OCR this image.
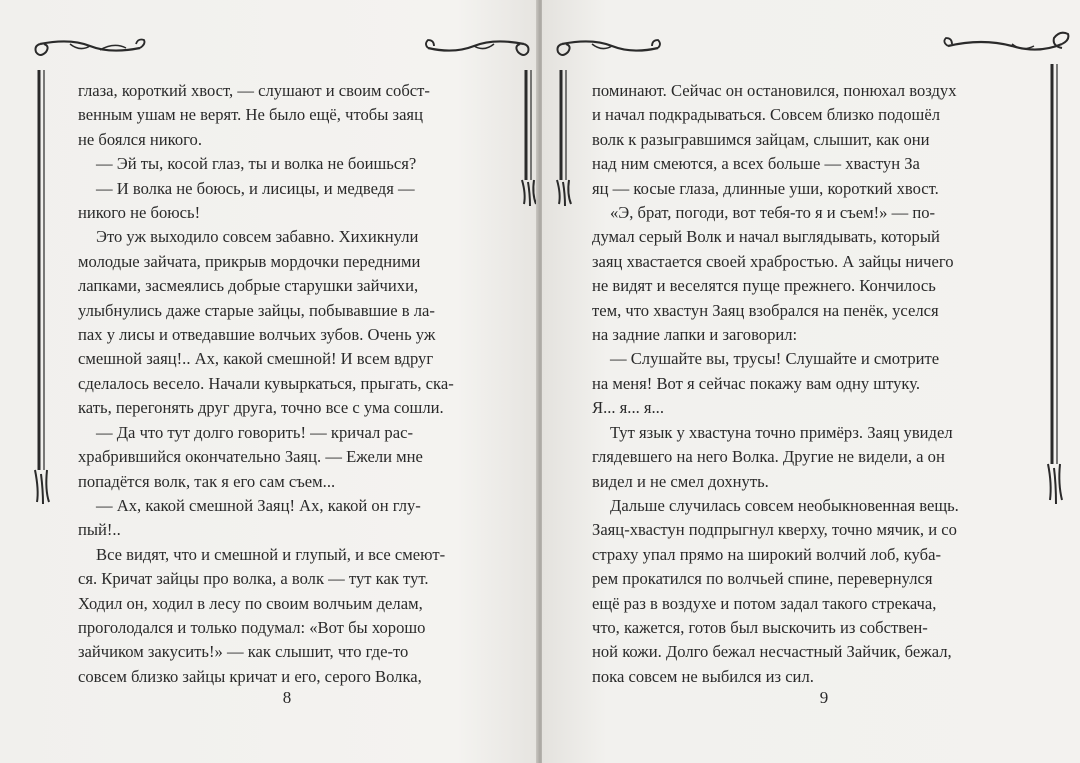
глаза, короткий хвост, — слушают и своим собст-

венным ушам не верят. Не было ещё, чтобы заяц

не боялся никого.

— Эй ты, косой глаз, ты и волка не боишься?

— И волка не боюсь, и лисицы, и медведя —

никого не боюсь!

Это уж выходило совсем забавно. Хихикнули

молодые зайчата, прикрыв мордочки передними

лапками, засмеялись добрые старушки зайчихи,

улыбнулись даже старые зайцы, побывавшие в ла-

пах у лисы и отведавшие волчьих зубов. Очень уж

смешной заяц!.. Ах, какой смешной! И всем вдруг

сделалось весело. Начали кувыркаться, прыгать, ска-

кать, перегонять друг друга, точно все с ума сошли.

— Да что тут долго говорить! — кричал рас-

храбрившийся окончательно Заяц. — Ежели мне

попадётся волк, так я его сам съем...

— Ах, какой смешной Заяц! Ах, какой он глу-

пый!..

Все видят, что и смешной и глупый, и все смеют-

ся. Кричат зайцы про волка, а волк — тут как тут.

Ходил он, ходил в лесу по своим волчьим делам,

проголодался и только подумал: «Вот бы хорошо

зайчиком закусить!» — как слышит, что где-то

совсем близко зайцы кричат и его, серого Волка,

8

поминают. Сейчас он остановился, понюхал воздух

и начал подкрадываться. Совсем близко подошёл

волк к разыгравшимся зайцам, слышит, как они

над ним смеются, а всех больше — хвастун За

яц — косые глаза, длинные уши, короткий хвост.

«Э, брат, погоди, вот тебя-то я и съем!» — по-

думал серый Волк и начал выглядывать, который

заяц хвастается своей храбростью. А зайцы ничего

не видят и веселятся пуще прежнего. Кончилось

тем, что хвастун Заяц взобрался на пенёк, уселся

на задние лапки и заговорил:

— Слушайте вы, трусы! Слушайте и смотрите

на меня! Вот я сейчас покажу вам одну штуку.

Я... я... я...

Тут язык у хвастуна точно примёрз. Заяц увидел

глядевшего на него Волка. Другие не видели, а он

видел и не смел дохнуть.

Дальше случилась совсем необыкновенная вещь.

Заяц-хвастун подпрыгнул кверху, точно мячик, и со

страху упал прямо на широкий волчий лоб, куба-

рем прокатился по волчьей спине, перевернулся

ещё раз в воздухе и потом задал такого стрекача,

что, кажется, готов был выскочить из собствен-

ной кожи. Долго бежал несчастный Зайчик, бежал,

пока совсем не выбился из сил.

9
